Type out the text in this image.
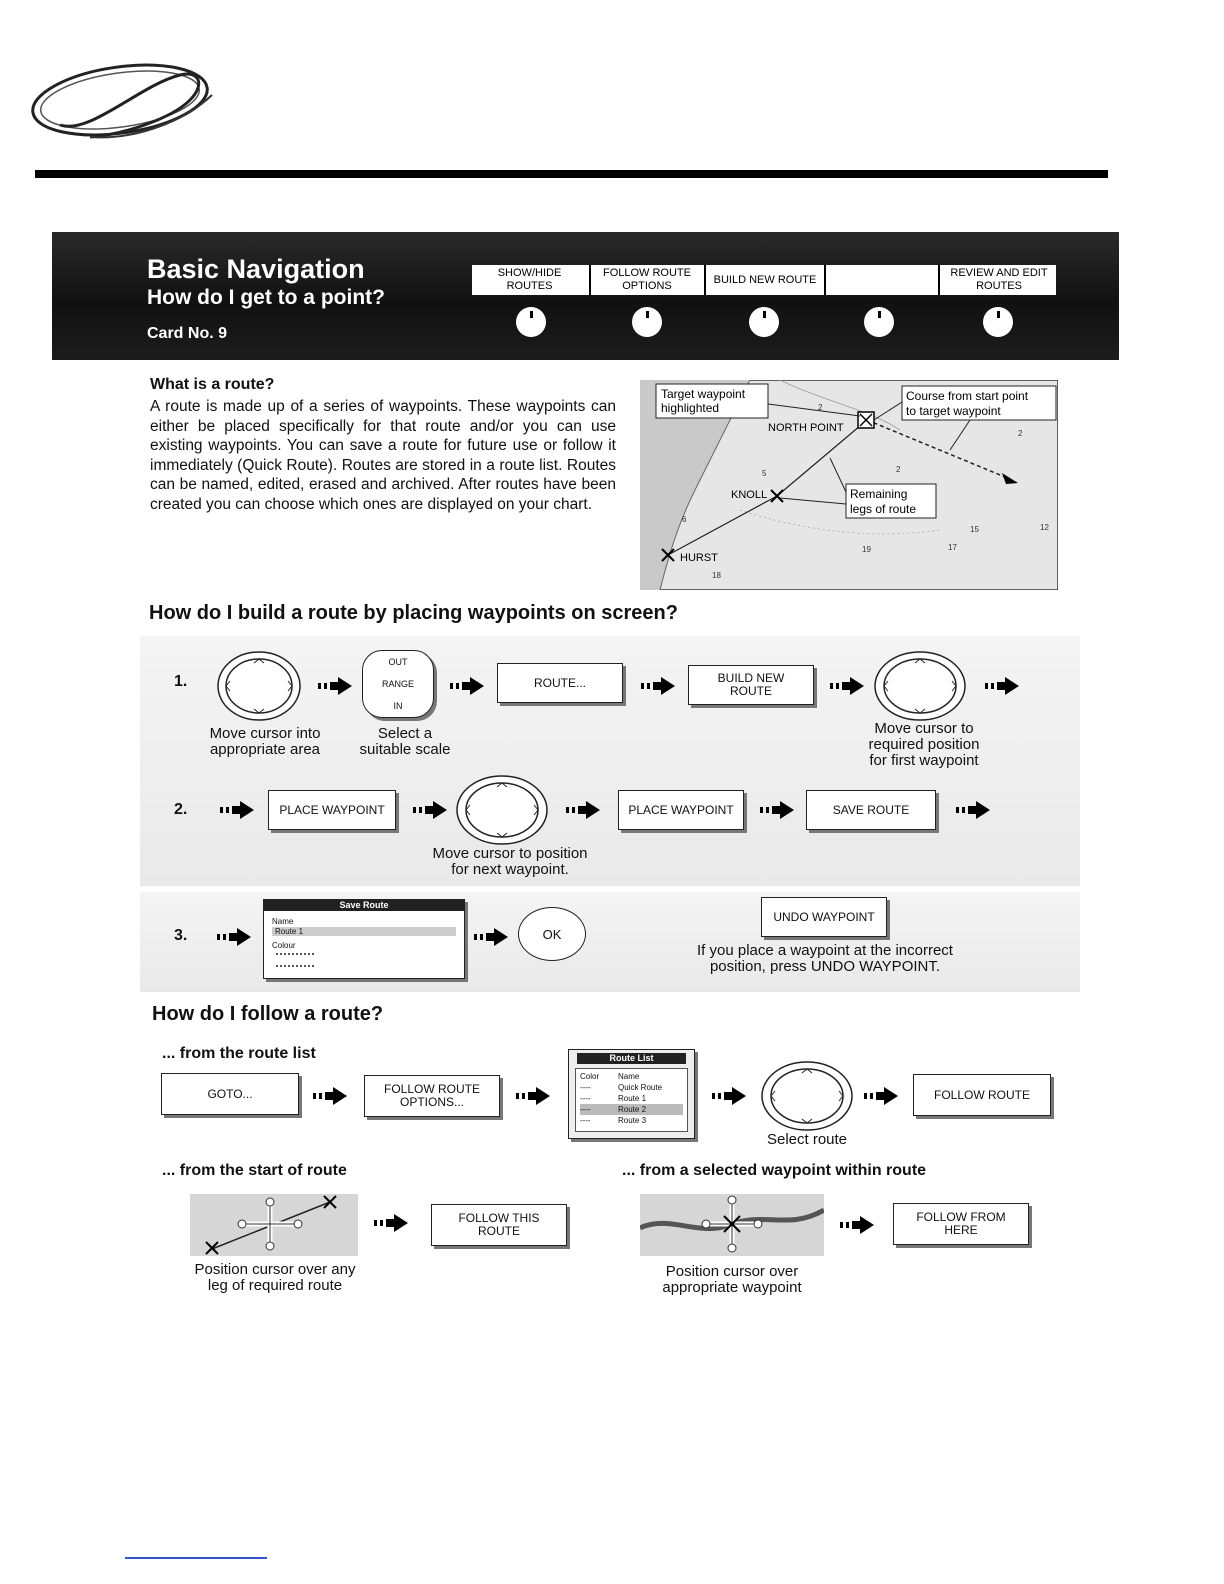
Basic Navigation
How do I get to a point?
Card No. 9
SHOW/HIDE
ROUTES
FOLLOW ROUTE
OPTIONS
BUILD NEW ROUTE
REVIEW AND EDIT
ROUTES
What is a route?
A route is made up of a series of waypoints. These waypoints can either be placed specifically for that route and/or you can use existing waypoints. You can save a route for future use or follow it immediately (Quick Route). Routes are stored in a route list. Routes can be named, edited, erased and archived. After routes have been created you can choose which ones are displayed on your chart.
NORTH POINT
KNOLL
HURST
Target waypoint
highlighted
Course from start point
to target waypoint
Remaining
legs of route
2
5	2
6
15	12
17
19
18
2
How do I build a route by placing waypoints on screen?
1.
Move cursor into
appropriate area
OUT
RANGE
IN
Select a
suitable scale
ROUTE...	BUILD NEW
ROUTE
Move cursor to
required position
for first waypoint
2.	PLACE WAYPOINT
Move cursor to position
for next waypoint.
PLACE WAYPOINT	SAVE ROUTE
3.
Save Route
Name
Route 1
Colour
OK
UNDO WAYPOINT
If you place a waypoint at the incorrect
position, press UNDO WAYPOINT.
How do I follow a route?
... from the route list
GOTO...	FOLLOW ROUTE
OPTIONS...
Route List
Color Name
----	Quick Route
----	Route 1
----	Route 2
----	Route 3
Select route
FOLLOW ROUTE
... from the start of route
FOLLOW THIS
ROUTE
Position cursor over any
leg of required route
... from a selected waypoint within route
FOLLOW FROM
HERE
Position cursor over
appropriate waypoint
